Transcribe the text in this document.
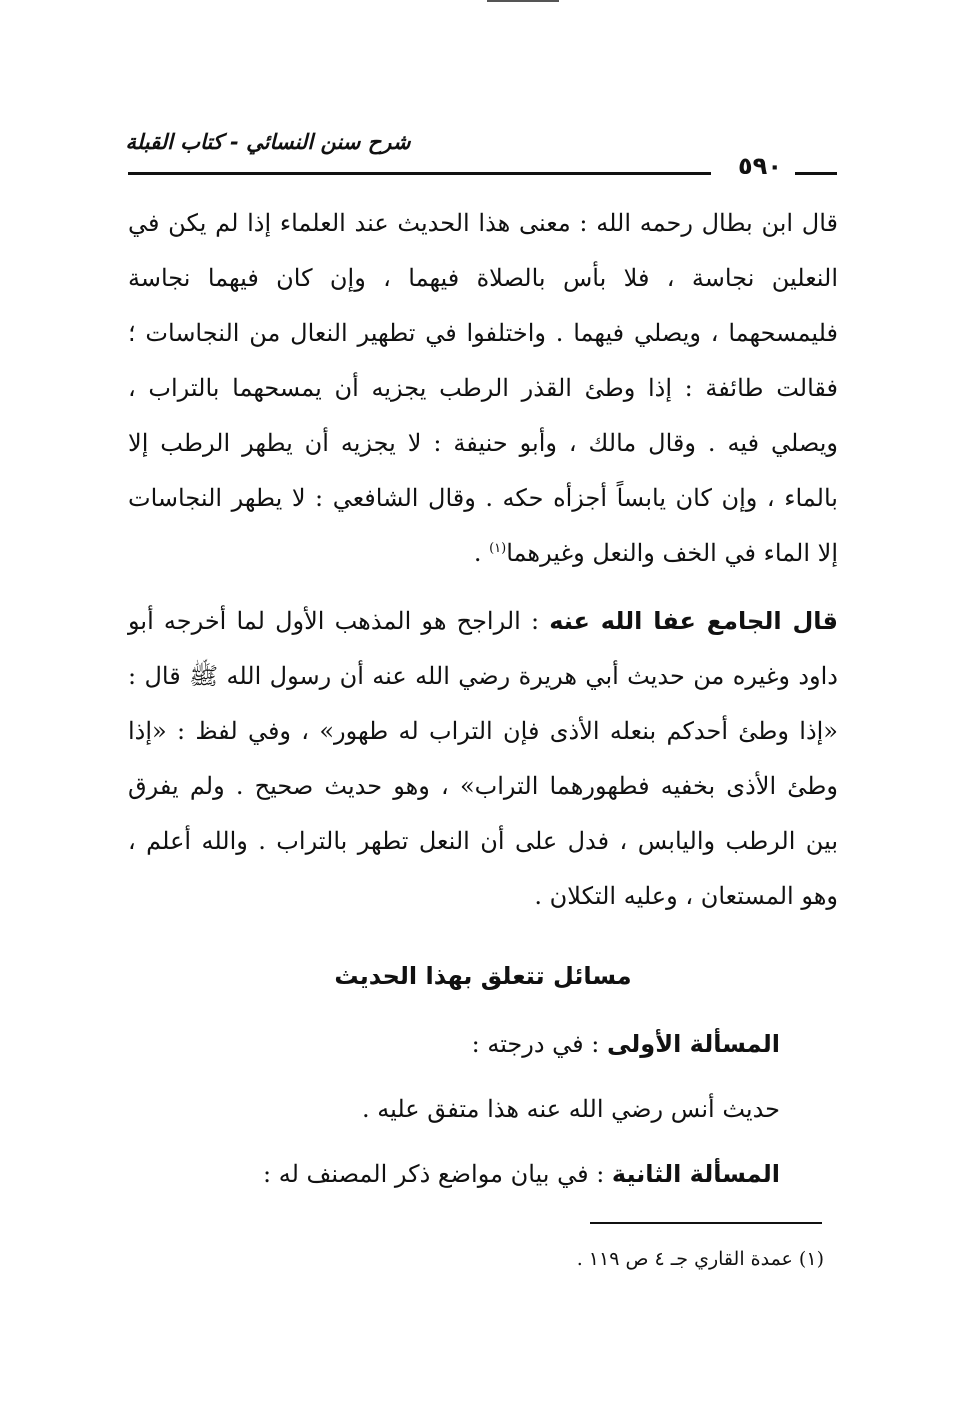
شرح سنن النسائي - كتاب القبلة
٥٩٠

قال ابن بطال رحمه الله : معنى هذا الحديث عند العلماء إذا لم يكن في النعلين نجاسة ، فلا بأس بالصلاة فيهما ، وإن كان فيهما نجاسة فليمسحهما ، ويصلي فيهما . واختلفوا في تطهير النعال من النجاسات ؛ فقالت طائفة : إذا وطئ القذر الرطب يجزيه أن يمسحهما بالتراب ، ويصلي فيه . وقال مالك ، وأبو حنيفة : لا يجزيه أن يطهر الرطب إلا بالماء ، وإن كان يابساً أجزأه حكه . وقال الشافعي : لا يطهر النجاسات إلا الماء في الخف والنعل وغيرهما$^{(١)}$ .

قال الجامع عفا الله عنه : الراجح هو المذهب الأول لما أخرجه أبو داود وغيره من حديث أبي هريرة رضي الله عنه أن رسول الله ﷺ قال : «إذا وطئ أحدكم بنعله الأذى فإن التراب له طهور» ، وفي لفظ : «إذا وطئ الأذى بخفيه فطهورهما التراب» ، وهو حديث صحيح . ولم يفرق بين الرطب واليابس ، فدل على أن النعل تطهر بالتراب . والله أعلم ، وهو المستعان ، وعليه التكلان .

مسائل تتعلق بهذا الحديث

المسألة الأولى : في درجته :

حديث أنس رضي الله عنه هذا متفق عليه .

المسألة الثانية : في بيان مواضع ذكر المصنف له :

(١) عمدة القاري جـ ٤ ص ١١٩ .
